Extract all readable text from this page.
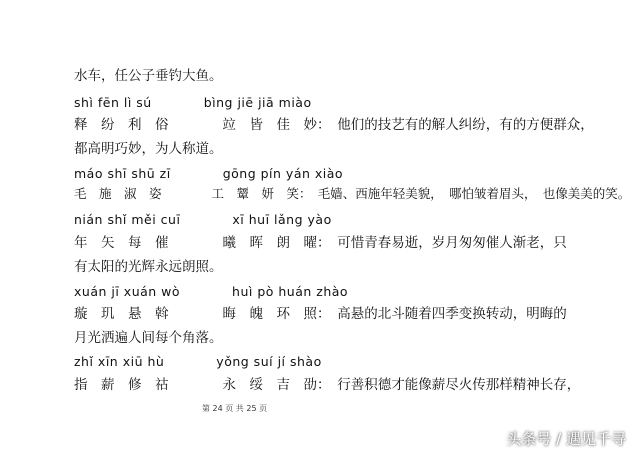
水车，任公子垂钓大鱼。
shì fēn lì sú　　　　bìng jiē jiā miào
释　纷　利　俗　　　　竝　皆　佳　妙：　他们的技艺有的解人纠纷，有的方便群众，
都高明巧妙，为人称道。
máo shī shū zī　　　　gōng pín yán xiào
毛　施　淑　姿　　　　工　颦　妍　笑：　毛嫱、西施年轻美貌，　哪怕皱着眉头，　也像美美的笑。
nián shǐ měi cuī　　　　xī huī lǎng yào
年　矢　每　催　　　　曦　晖　朗　曜：　可惜青春易逝，岁月匆匆催人渐老，只
有太阳的光辉永远朗照。
xuán jī xuán wò　　　　huì pò huán zhào
璇　玑　悬　斡　　　　晦　魄　环　照：　高悬的北斗随着四季变换转动，明晦的
月光洒遍人间每个角落。
zhǐ xīn xiū hù　　　　yǒng suí jí shào
指　薪　修　祜　　　　永　绥　吉　劭：　行善积德才能像薪尽火传那样精神长存，
第 24 页 共 25 页
头条号 / 遇见千寻
